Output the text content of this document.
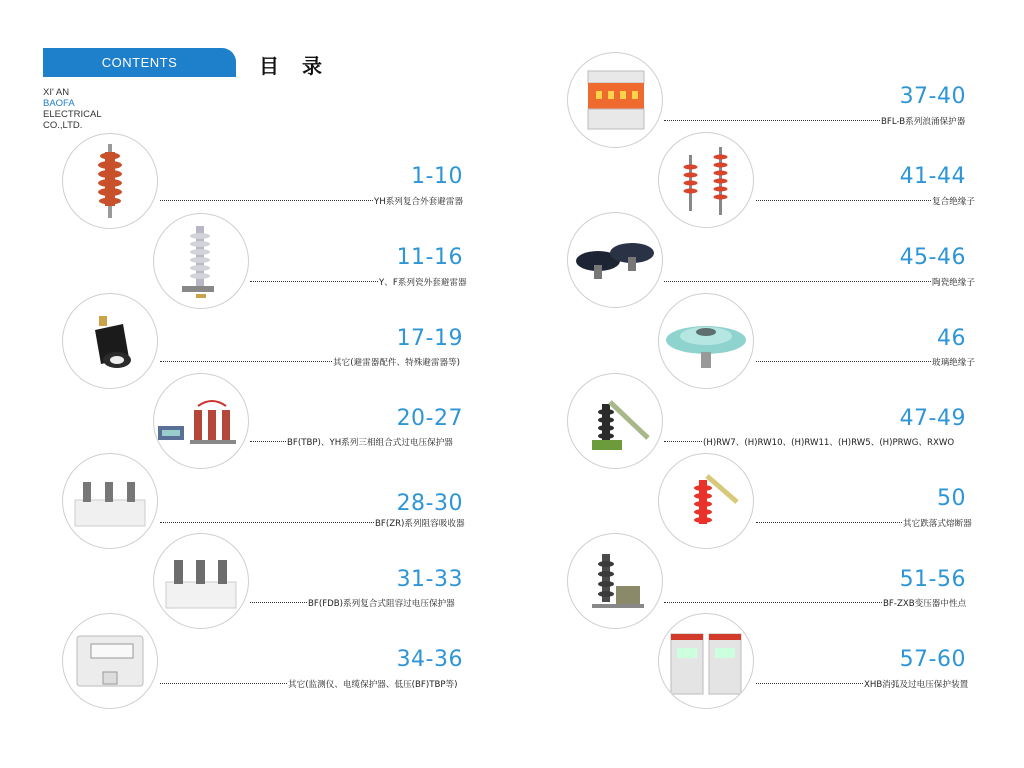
CONTENTS	目 录
XI' AN
BAOFA
ELECTRICAL
CO.,LTD.
1-10
YH系列复合外套避雷器
11-16
Y、F系列瓷外套避雷器
17-19
其它(避雷器配件、特殊避雷器等)
20-27
BF(TBP)、YH系列三相组合式过电压保护器
28-30
BF(ZR)系列阻容吸收器
31-33
BF(FDB)系列复合式阻容过电压保护器
34-36
其它(监测仪、电缆保护器、低压(BF)TBP等)
37-40
BFL-B系列浪涌保护器
41-44
复合绝缘子
45-46
陶瓷绝缘子
46
玻璃绝缘子
47-49
(H)RW7、(H)RW10、(H)RW11、(H)RW5、(H)PRWG、RXWO
50
其它跌落式熔断器
51-56
BF-ZXB变压器中性点
57-60
XHB消弧及过电压保护装置
